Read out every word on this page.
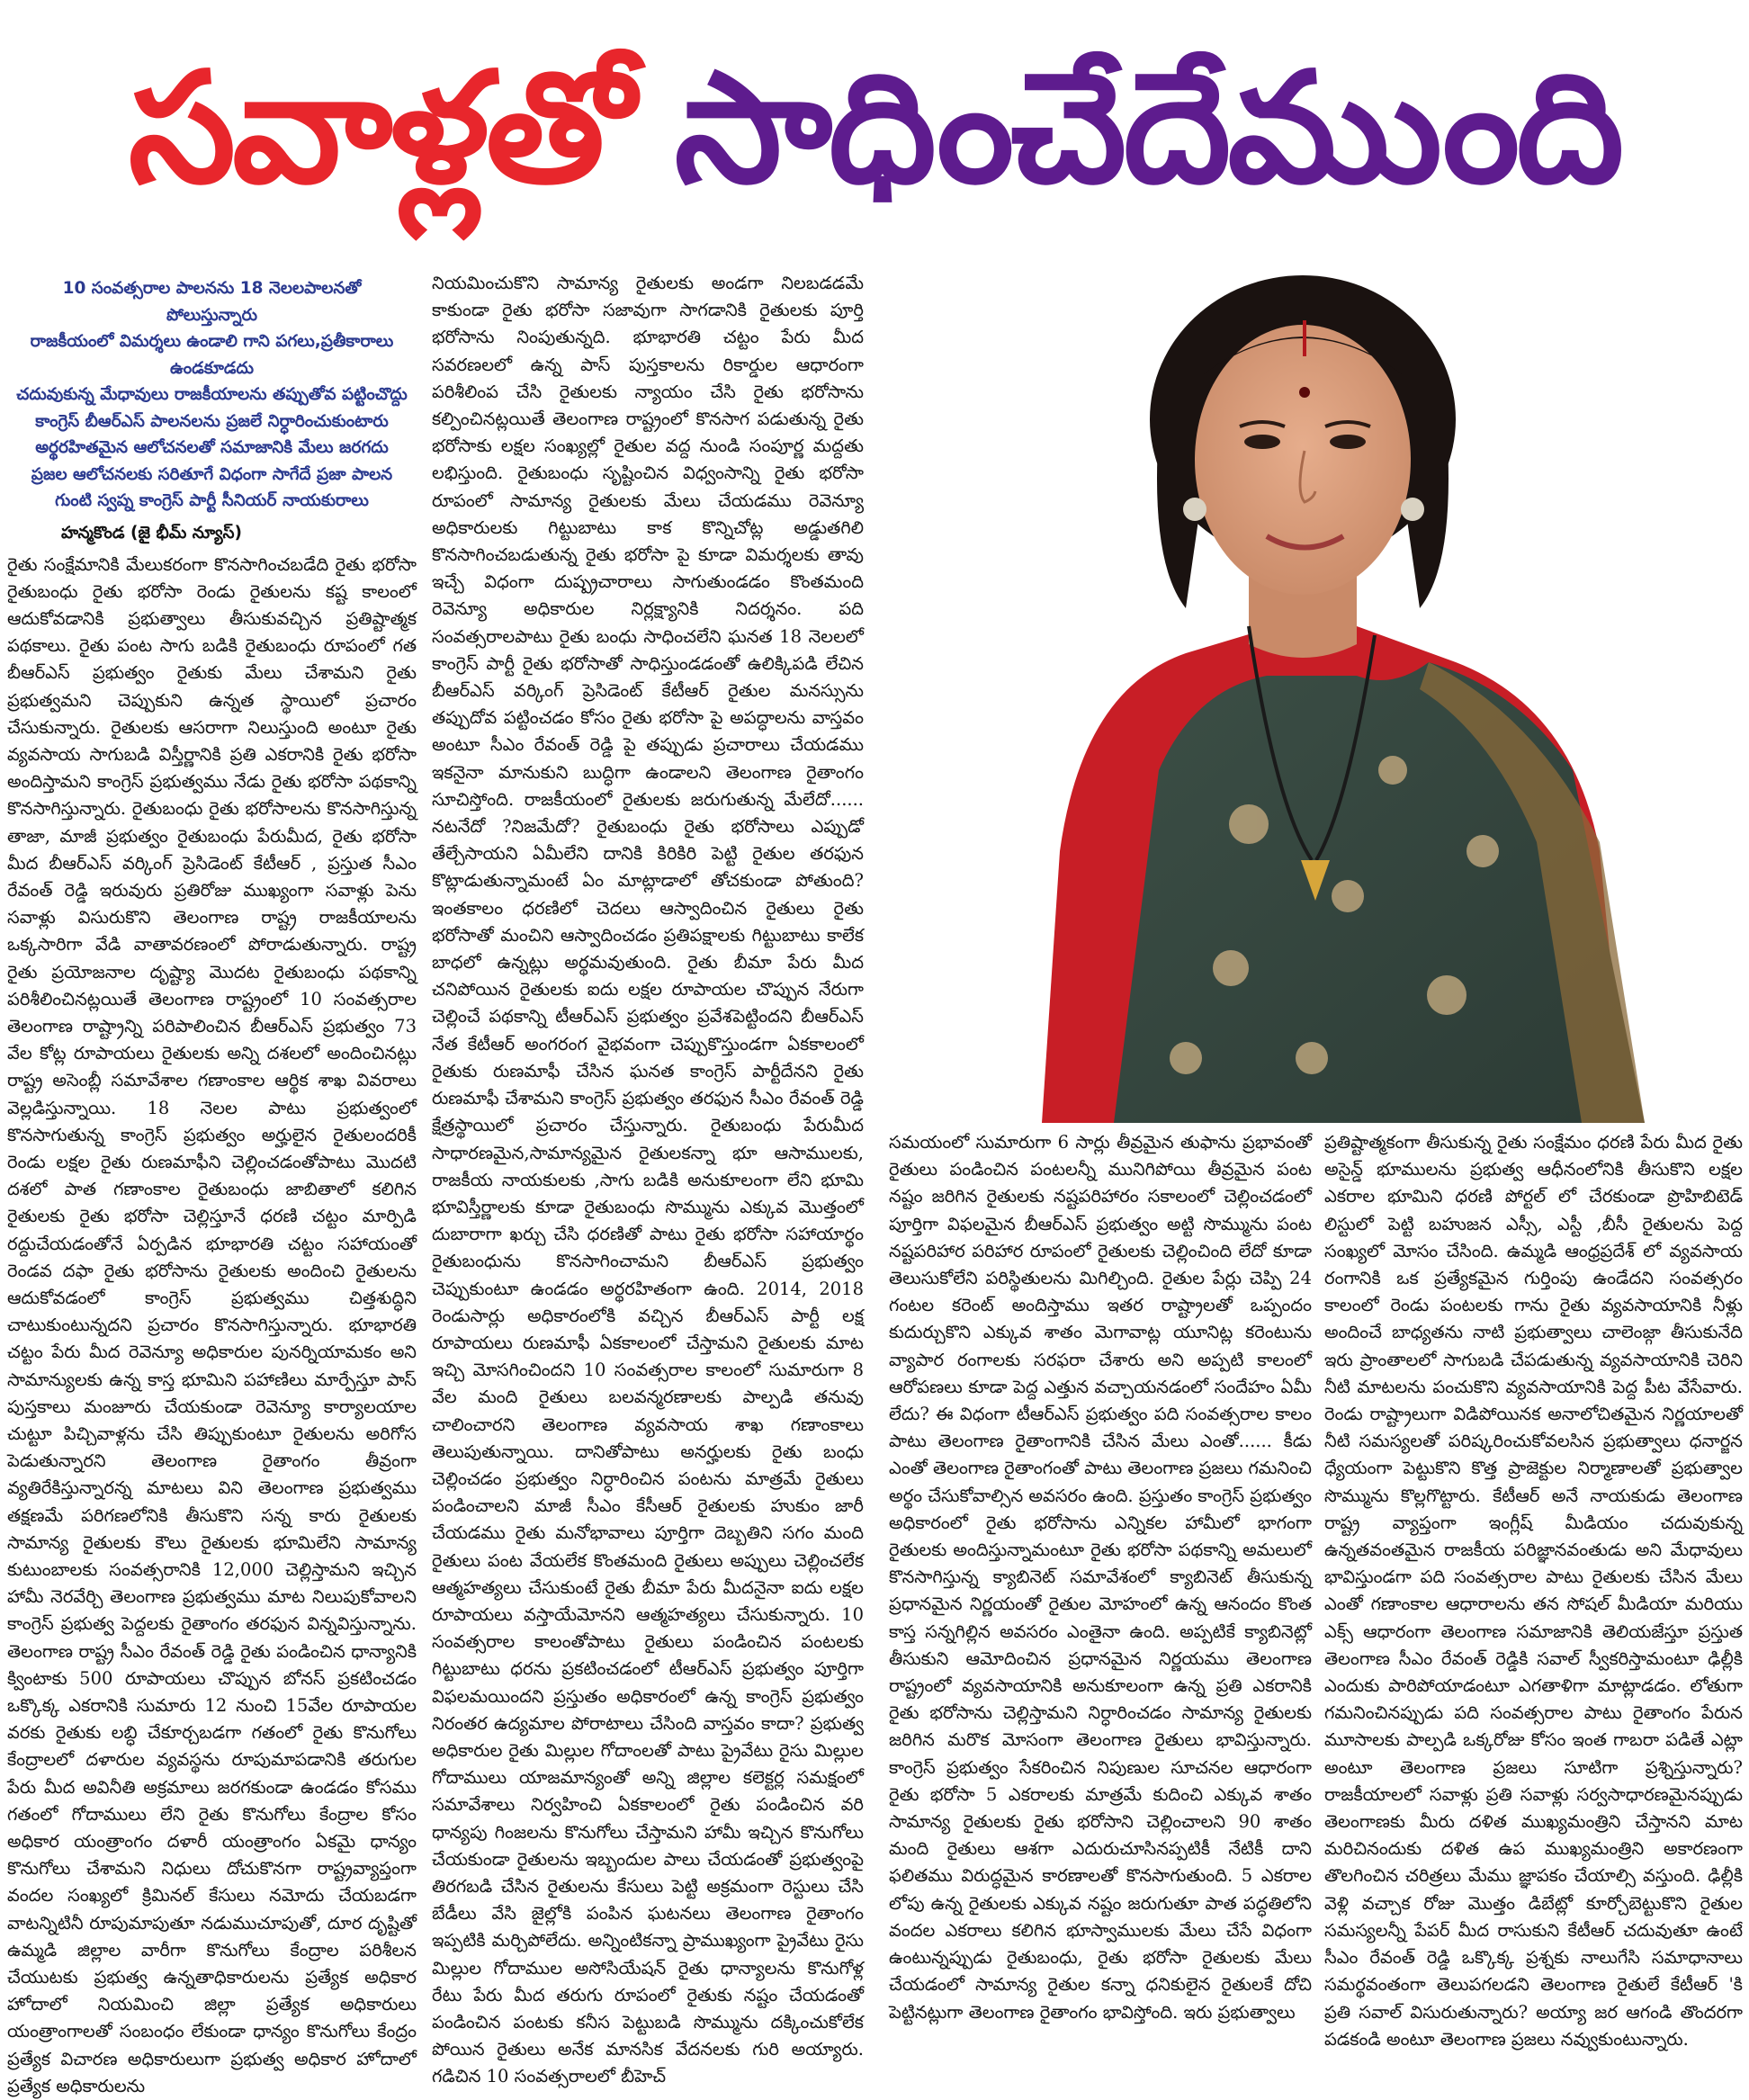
సవాళ్లతో సాధించేదేముంది
10 సంవత్సరాల పాలనను 18 నెలలపాలనతో పోలుస్తున్నారు
రాజకీయంలో విమర్శలు ఉండాలి గాని పగలు,ప్రతీకారాలు ఉండకూడదు
చదువుకున్న మేధావులు రాజకీయాలను తప్పుతోవ పట్టించొద్దు
కాంగ్రెస్ బీఆర్ఎస్ పాలనలను ప్రజలే నిర్ధారించుకుంటారు
అర్థరహితమైన ఆలోచనలతో సమాజానికి మేలు జరగదు
ప్రజల ఆలోచనలకు సరితూగే విధంగా సాగేదే ప్రజా పాలన
గుంటి స్వప్న కాంగ్రెస్ పార్టీ సీనియర్ నాయకురాలు
హన్మకొండ (జై భీమ్ న్యూస్)

రైతు సంక్షేమానికి మేలుకరంగా కొనసాగించబడేది రైతు భరోసా రైతుబంధు రైతు భరోసా రెండు రైతులను కష్ట కాలంలో ఆదుకోవడానికి ప్రభుత్వాలు తీసుకువచ్చిన ప్రతిష్టాత్మక పథకాలు. రైతు పంట సాగు బడికి రైతుబంధు రూపంలో గత బీఆర్ఎస్ ప్రభుత్వం రైతుకు మేలు చేశామని రైతు ప్రభుత్వమని చెప్పుకుని ఉన్నత స్థాయిలో ప్రచారం చేసుకున్నారు. రైతులకు ఆసరాగా నిలుస్తుంది అంటూ రైతు వ్యవసాయ సాగుబడి విస్తీర్ణానికి ప్రతి ఎకరానికి రైతు భరోసా అందిస్తామని కాంగ్రెస్ ప్రభుత్వము నేడు రైతు భరోసా పథకాన్ని కొనసాగిస్తున్నారు. రైతుబంధు రైతు భరోసాలను కొనసాగిస్తున్న తాజా, మాజీ ప్రభుత్వం రైతుబంధు పేరుమీద, రైతు భరోసా మీద బీఆర్ఎస్ వర్కింగ్ ప్రెసిడెంట్ కేటీఆర్ , ప్రస్తుత సీఎం రేవంత్ రెడ్డి ఇరువురు ప్రతిరోజు ముఖ్యంగా సవాళ్లు పెను సవాళ్లు విసురుకొని తెలంగాణ రాష్ట్ర రాజకీయాలను ఒక్కసారిగా వేడి వాతావరణంలో పోరాడుతున్నారు. రాష్ట్ర రైతు ప్రయోజనాల దృష్ట్యా మొదట రైతుబంధు పథకాన్ని పరిశీలించినట్లయితే తెలంగాణ రాష్ట్రంలో 10 సంవత్సరాల తెలంగాణ రాష్ట్రాన్ని పరిపాలించిన బీఆర్ఎస్ ప్రభుత్వం 73 వేల కోట్ల రూపాయలు రైతులకు అన్ని దశలలో అందించినట్లు రాష్ట్ర అసెంబ్లీ సమావేశాల గణాంకాల ఆర్థిక శాఖ వివరాలు వెల్లడిస్తున్నాయి. 18 నెలల పాటు ప్రభుత్వంలో కొనసాగుతున్న కాంగ్రెస్ ప్రభుత్వం అర్హులైన రైతులందరికీ రెండు లక్షల రైతు రుణమాఫీని చెల్లించడంతోపాటు మొదటి దశలో పాత గణాంకాల రైతుబంధు జాబితాలో కలిగిన రైతులకు రైతు భరోసా చెల్లిస్తూనే ధరణి చట్టం మార్పిడి రద్దుచేయడంతోనే ఏర్పడిన భూభారతి చట్టం సహాయంతో రెండవ దఫా రైతు భరోసాను రైతులకు అందించి రైతులను ఆదుకోవడంలో కాంగ్రెస్ ప్రభుత్వము చిత్తశుద్ధిని చాటుకుంటున్నదని ప్రచారం కొనసాగిస్తున్నారు. భూభారతి చట్టం పేరు మీద రెవెన్యూ అధికారుల పునర్నియామకం అని సామాన్యులకు ఉన్న కాస్త భూమిని పహాణిలు మార్పేస్తూ పాస్ పుస్తకాలు మంజూరు చేయకుండా రెవెన్యూ కార్యాలయాల చుట్టూ పిచ్చివాళ్లను చేసి తిప్పుకుంటూ రైతులను అరిగోస పెడుతున్నారని తెలంగాణ రైతాంగం తీవ్రంగా వ్యతిరేకిస్తున్నారన్న మాటలు విని తెలంగాణ ప్రభుత్వము తక్షణమే పరిగణలోనికి తీసుకొని సన్న కారు రైతులకు సామాన్య రైతులకు కౌలు రైతులకు భూమిలేని సామాన్య కుటుంబాలకు సంవత్సరానికి 12,000 చెల్లిస్తామని ఇచ్చిన హామీ నెరవేర్చి తెలంగాణ ప్రభుత్వము మాట నిలుపుకోవాలని కాంగ్రెస్ ప్రభుత్వ పెద్దలకు రైతాంగం తరఫున విన్నవిస్తున్నాను. తెలంగాణ రాష్ట్ర సీఎం రేవంత్ రెడ్డి రైతు పండించిన ధాన్యానికి క్వింటాకు 500 రూపాయలు చొప్పున బోనస్ ప్రకటించడం ఒక్కొక్క ఎకరానికి సుమారు 12 నుంచి 15వేల రూపాయల వరకు రైతుకు లబ్ధి చేకూర్చబడగా గతంలో రైతు కొనుగోలు కేంద్రాలలో దళారుల వ్యవస్థను రూపుమాపడానికి తరుగుల పేరు మీద అవినీతి అక్రమాలు జరగకుండా ఉండడం కోసము గతంలో గోదాములు లేని రైతు కొనుగోలు కేంద్రాల కోసం అధికార యంత్రాంగం దళారీ యంత్రాంగం ఏకమై ధాన్యం కొనుగోలు చేశామని నిధులు దోచుకొనగా రాష్ట్రవ్యాప్తంగా వందల సంఖ్యలో క్రిమినల్ కేసులు నమోదు చేయబడగా వాటన్నిటినీ రూపుమాపుతూ నడుముచూపుతో, దూర దృష్టితో ఉమ్మడి జిల్లాల వారీగా కొనుగోలు కేంద్రాల పరిశీలన చేయుటకు ప్రభుత్వ ఉన్నతాధికారులను ప్రత్యేక అధికార హోదాలో నియమించి జిల్లా ప్రత్యేక అధికారులు యంత్రాంగాలతో సంబంధం లేకుండా ధాన్యం కొనుగోలు కేంద్రం ప్రత్యేక విచారణ అధికారులుగా ప్రభుత్వ అధికార హోదాలో ప్రత్యేక అధికారులను

నియమించుకొని సామాన్య రైతులకు అండగా నిలబడడమే కాకుండా రైతు భరోసా సజావుగా సాగడానికి రైతులకు పూర్తి భరోసాను నింపుతున్నది. భూభారతి చట్టం పేరు మీద సవరణలలో ఉన్న పాస్ పుస్తకాలను రికార్డుల ఆధారంగా పరిశీలింప చేసి రైతులకు న్యాయం చేసి రైతు భరోసాను కల్పించినట్లయితే తెలంగాణ రాష్ట్రంలో కొనసాగ పడుతున్న రైతు భరోసాకు లక్షల సంఖ్యల్లో రైతుల వద్ద నుండి సంపూర్ణ మద్దతు లభిస్తుంది. రైతుబంధు సృష్టించిన విధ్వంసాన్ని రైతు భరోసా రూపంలో సామాన్య రైతులకు మేలు చేయడము రెవెన్యూ అధికారులకు గిట్టుబాటు కాక కొన్నిచోట్ల అడ్డుతగిలి కొనసాగించబడుతున్న రైతు భరోసా పై కూడా విమర్శలకు తావు ఇచ్చే విధంగా దుష్ప్రచారాలు సాగుతుండడం కొంతమంది రెవెన్యూ అధికారుల నిర్లక్ష్యానికి నిదర్శనం. పది సంవత్సరాలపాటు రైతు బంధు సాధించలేని ఘనత 18 నెలలలో కాంగ్రెస్ పార్టీ రైతు భరోసాతో సాధిస్తుండడంతో ఉలిక్కిపడి లేచిన బీఆర్ఎస్ వర్కింగ్ ప్రెసిడెంట్ కేటీఆర్ రైతుల మనస్సును తప్పుదోవ పట్టించడం కోసం రైతు భరోసా పై అపద్ధాలను వాస్తవం అంటూ సీఎం రేవంత్ రెడ్డి పై తప్పుడు ప్రచారాలు చేయడము ఇకనైనా మానుకుని బుద్ధిగా ఉండాలని తెలంగాణ రైతాంగం సూచిస్తోంది. రాజకీయంలో రైతులకు జరుగుతున్న మేలేదో...... నటనేదో ?నిజమేదో? రైతుబంధు రైతు భరోసాలు ఎప్పుడో తేల్చేసాయని ఏమీలేని దానికి కిరికిరి పెట్టి రైతుల తరఫున కొట్లాడుతున్నామంటే ఏం మాట్లాడాలో తోచకుండా పోతుంది? ఇంతకాలం ధరణిలో చెదలు ఆస్వాదించిన రైతులు రైతు భరోసాతో మంచిని ఆస్వాదించడం ప్రతిపక్షాలకు గిట్టుబాటు కాలేక బాధలో ఉన్నట్లు అర్థమవుతుంది. రైతు బీమా పేరు మీద చనిపోయిన రైతులకు ఐదు లక్షల రూపాయల చొప్పున నేరుగా చెల్లించే పథకాన్ని టీఆర్ఎస్ ప్రభుత్వం ప్రవేశపెట్టిందని బీఆర్ఎస్ నేత కేటీఆర్ అంగరంగ వైభవంగా చెప్పుకొస్తుండగా ఏకకాలంలో రైతుకు రుణమాఫీ చేసిన ఘనత కాంగ్రెస్ పార్టీదేనని రైతు రుణమాఫీ చేశామని కాంగ్రెస్ ప్రభుత్వం తరఫున సీఎం రేవంత్ రెడ్డి క్షేత్రస్థాయిలో ప్రచారం చేస్తున్నారు. రైతుబంధు పేరుమీద సాధారణమైన,సామాన్యమైన రైతులకన్నా భూ ఆసాములకు, రాజకీయ నాయకులకు ,సాగు బడికి అనుకూలంగా లేని భూమి భూవిస్తీర్ణాలకు కూడా రైతుబంధు సొమ్మును ఎక్కువ మొత్తంలో దుబారాగా ఖర్చు చేసి ధరణితో పాటు రైతు భరోసా సహాయార్థం రైతుబంధును కొనసాగించామని బీఆర్ఎస్ ప్రభుత్వం చెప్పుకుంటూ ఉండడం అర్థరహితంగా ఉంది. 2014, 2018 రెండుసార్లు అధికారంలోకి వచ్చిన బీఆర్ఎస్ పార్టీ లక్ష రూపాయలు రుణమాఫీ ఏకకాలంలో చేస్తామని రైతులకు మాట ఇచ్చి మోసగించిందని 10 సంవత్సరాల కాలంలో సుమారుగా 8 వేల మంది రైతులు బలవన్మరణాలకు పాల్పడి తనువు చాలించారని తెలంగాణ వ్యవసాయ శాఖ గణాంకాలు తెలుపుతున్నాయి. దానితోపాటు అనర్హులకు రైతు బంధు చెల్లించడం ప్రభుత్వం నిర్ధారించిన పంటను మాత్రమే రైతులు పండించాలని మాజీ సీఎం కేసీఆర్ రైతులకు హుకుం జారీ చేయడము రైతు మనోభావాలు పూర్తిగా దెబ్బతిని సగం మంది రైతులు పంట వేయలేక కొంతమంది రైతులు అప్పులు చెల్లించలేక ఆత్మహత్యలు చేసుకుంటే రైతు బీమా పేరు మీదనైనా ఐదు లక్షల రూపాయలు వస్తాయేమోనని ఆత్మహత్యలు చేసుకున్నారు. 10 సంవత్సరాల కాలంతోపాటు రైతులు పండించిన పంటలకు గిట్టుబాటు ధరను ప్రకటించడంలో టీఆర్ఎస్ ప్రభుత్వం పూర్తిగా విఫలమయిందని ప్రస్తుతం అధికారంలో ఉన్న కాంగ్రెస్ ప్రభుత్వం నిరంతర ఉద్యమాల పోరాటాలు చేసింది వాస్తవం కాదా? ప్రభుత్వ అధికారుల రైతు మిల్లుల గోదాంలతో పాటు ప్రైవేటు రైసు మిల్లుల గోదాములు యాజమాన్యంతో అన్ని జిల్లాల కలెక్టర్ల సమక్షంలో సమావేశాలు నిర్వహించి ఏకకాలంలో రైతు పండించిన వరి ధాన్యపు గింజలను కొనుగోలు చేస్తామని హామీ ఇచ్చిన కొనుగోలు చేయకుండా రైతులను ఇబ్బందుల పాలు చేయడంతో ప్రభుత్వంపై తిరగబడి చేసిన రైతులను కేసులు పెట్టి అక్రమంగా రెస్టులు చేసి బేడీలు వేసి జైల్లోకి పంపిన ఘటనలు తెలంగాణ రైతాంగం ఇప్పటికి మర్చిపోలేదు. అన్నింటికన్నా ప్రాముఖ్యంగా ప్రైవేటు రైసు మిల్లుల గోదాముల అసోసియేషన్ రైతు ధాన్యాలను కొనుగోళ్ల రేటు పేరు మీద తరుగు రూపంలో రైతుకు నష్టం చేయడంతో పండించిన పంటకు కనీస పెట్టుబడి సొమ్మును దక్కించుకోలేక పోయిన రైతులు అనేక మానసిక వేదనలకు గురి అయ్యారు. గడిచిన 10 సంవత్సరాలలో బీహెచ్

సమయంలో సుమారుగా 6 సార్లు తీవ్రమైన తుఫాను ప్రభావంతో రైతులు పండించిన పంటలన్నీ మునిగిపోయి తీవ్రమైన పంట నష్టం జరిగిన రైతులకు నష్టపరిహారం సకాలంలో చెల్లించడంలో పూర్తిగా విఫలమైన బీఆర్ఎస్ ప్రభుత్వం అట్టి సొమ్మును పంట నష్టపరిహార పరిహార రూపంలో రైతులకు చెల్లించింది లేదో కూడా తెలుసుకోలేని పరిస్థితులను మిగిల్చింది. రైతుల పేర్లు చెప్పి 24 గంటల కరెంట్ అందిస్తాము ఇతర రాష్ట్రాలతో ఒప్పందం కుదుర్చుకొని ఎక్కువ శాతం మెగావాట్ల యూనిట్ల కరెంటును వ్యాపార రంగాలకు సరఫరా చేశారు అని అప్పటి కాలంలో ఆరోపణలు కూడా పెద్ద ఎత్తున వచ్చాయనడంలో సందేహం ఏమీ లేదు? ఈ విధంగా టీఆర్ఎస్ ప్రభుత్వం పది సంవత్సరాల కాలం పాటు తెలంగాణ రైతాంగానికి చేసిన మేలు ఎంతో...... కీడు ఎంతో తెలంగాణ రైతాంగంతో పాటు తెలంగాణ ప్రజలు గమనించి అర్థం చేసుకోవాల్సిన అవసరం ఉంది. ప్రస్తుతం కాంగ్రెస్ ప్రభుత్వం అధికారంలో రైతు భరోసాను ఎన్నికల హామీలో భాగంగా రైతులకు అందిస్తున్నామంటూ రైతు భరోసా పథకాన్ని అమలులో కొనసాగిస్తున్న క్యాబినెట్ సమావేశంలో క్యాబినెట్ తీసుకున్న ప్రధానమైన నిర్ణయంతో రైతుల మోహంలో ఉన్న ఆనందం కొంత కాస్త సన్నగిల్లిన అవసరం ఎంతైనా ఉంది. అప్పటికే క్యాబినెట్లో తీసుకుని ఆమోదించిన ప్రధానమైన నిర్ణయము తెలంగాణ రాష్ట్రంలో వ్యవసాయానికి అనుకూలంగా ఉన్న ప్రతి ఎకరానికి రైతు భరోసాను చెల్లిస్తామని నిర్ధారించడం సామాన్య రైతులకు జరిగిన మరొక మోసంగా తెలంగాణ రైతులు భావిస్తున్నారు. కాంగ్రెస్ ప్రభుత్వం సేకరించిన నిపుణుల సూచనల ఆధారంగా రైతు భరోసా 5 ఎకరాలకు మాత్రమే కుదించి ఎక్కువ శాతం సామాన్య రైతులకు రైతు భరోసాని చెల్లించాలని 90 శాతం మంది రైతులు ఆశగా ఎదురుచూసినప్పటికీ నేటికీ దాని ఫలితము విరుద్ధమైన కారణాలతో కొనసాగుతుంది. 5 ఎకరాల లోపు ఉన్న రైతులకు ఎక్కువ నష్టం జరుగుతూ పాత పద్ధతిలోని వందల ఎకరాలు కలిగిన భూస్వాములకు మేలు చేసే విధంగా ఉంటున్నప్పుడు రైతుబంధు, రైతు భరోసా రైతులకు మేలు చేయడంలో సామాన్య రైతుల కన్నా ధనికులైన రైతులకే దోచి పెట్టినట్లుగా తెలంగాణ రైతాంగం భావిస్తోంది. ఇరు ప్రభుత్వాలు

ప్రతిష్టాత్మకంగా తీసుకున్న రైతు సంక్షేమం ధరణి పేరు మీద రైతు అసైన్డ్ భూములను ప్రభుత్వ ఆధీనంలోనికి తీసుకొని లక్షల ఎకరాల భూమిని ధరణి పోర్టల్ లో చేరకుండా ప్రొహిబిటెడ్ లిస్టులో పెట్టి బహుజన ఎస్సీ, ఎస్టీ ,బీసీ రైతులను పెద్ద సంఖ్యలో మోసం చేసింది. ఉమ్మడి ఆంధ్రప్రదేశ్ లో వ్యవసాయ రంగానికి ఒక ప్రత్యేకమైన గుర్తింపు ఉండేదని సంవత్సరం కాలంలో రెండు పంటలకు గాను రైతు వ్యవసాయానికి నీళ్లు అందించే బాధ్యతను నాటి ప్రభుత్వాలు చాలెంజ్గా తీసుకునేది ఇరు ప్రాంతాలలో సాగుబడి చేపడుతున్న వ్యవసాయానికి చెరిని నీటి మాటలను పంచుకొని వ్యవసాయానికి పెద్ద పీట వేసేవారు. రెండు రాష్ట్రాలుగా విడిపోయినక అనాలోచితమైన నిర్ణయాలతో నీటి సమస్యలతో పరిష్కరించుకోవలసిన ప్రభుత్వాలు ధనార్జన ధ్యేయంగా పెట్టుకొని కొత్త ప్రాజెక్టుల నిర్మాణాలతో ప్రభుత్వాల సొమ్మును కొల్లగొట్టారు. కేటీఆర్ అనే నాయకుడు తెలంగాణ రాష్ట్ర వ్యాప్తంగా ఇంగ్లీష్ మీడియం చదువుకున్న ఉన్నతవంతమైన రాజకీయ పరిజ్ఞానవంతుడు అని మేధావులు భావిస్తుండగా పది సంవత్సరాల పాటు రైతులకు చేసిన మేలు ఎంతో గణాంకాల ఆధారాలను తన సోషల్ మీడియా మరియు ఎక్స్ ఆధారంగా తెలంగాణ సమాజానికి తెలియజేస్తూ ప్రస్తుత తెలంగాణ సీఎం రేవంత్ రెడ్డికి సవాల్ స్వీకరిస్తామంటూ ఢిల్లీకి ఎందుకు పారిపోయాడంటూ ఎగతాళిగా మాట్లాడడం. లోతుగా గమనించినప్పుడు పది సంవత్సరాల పాటు రైతాంగం పేరున మూసాలకు పాల్పడి ఒక్కరోజు కోసం ఇంత గాబరా పడితే ఎట్లా అంటూ తెలంగాణ ప్రజలు సూటిగా ప్రశ్నిస్తున్నారు? రాజకీయాలలో సవాళ్లు ప్రతి సవాళ్లు సర్వసాధారణమైనప్పుడు తెలంగాణకు మీరు దళిత ముఖ్యమంత్రిని చేస్తానని మాట మరిచినందుకు దళిత ఉప ముఖ్యమంత్రిని అకారణంగా తొలగించిన చరిత్రలు మేము జ్ఞాపకం చేయాల్సి వస్తుంది. ఢిల్లీకి వెళ్లి వచ్చాక రోజు మొత్తం డిబేట్లో కూర్చోబెట్టుకొని రైతుల సమస్యలన్నీ పేపర్ మీద రాసుకుని కేటీఆర్ చదువుతూ ఉంటే సీఎం రేవంత్ రెడ్డి ఒక్కొక్క ప్రశ్నకు నాలుగేసి సమాధానాలు సమర్థవంతంగా తెలుపగలడని తెలంగాణ రైతులే కేటీఆర్ 'కి ప్రతి సవాల్ విసురుతున్నారు? అయ్యా జర ఆగండి తొందరగా పడకండి అంటూ తెలంగాణ ప్రజలు నవ్వుకుంటున్నారు.
